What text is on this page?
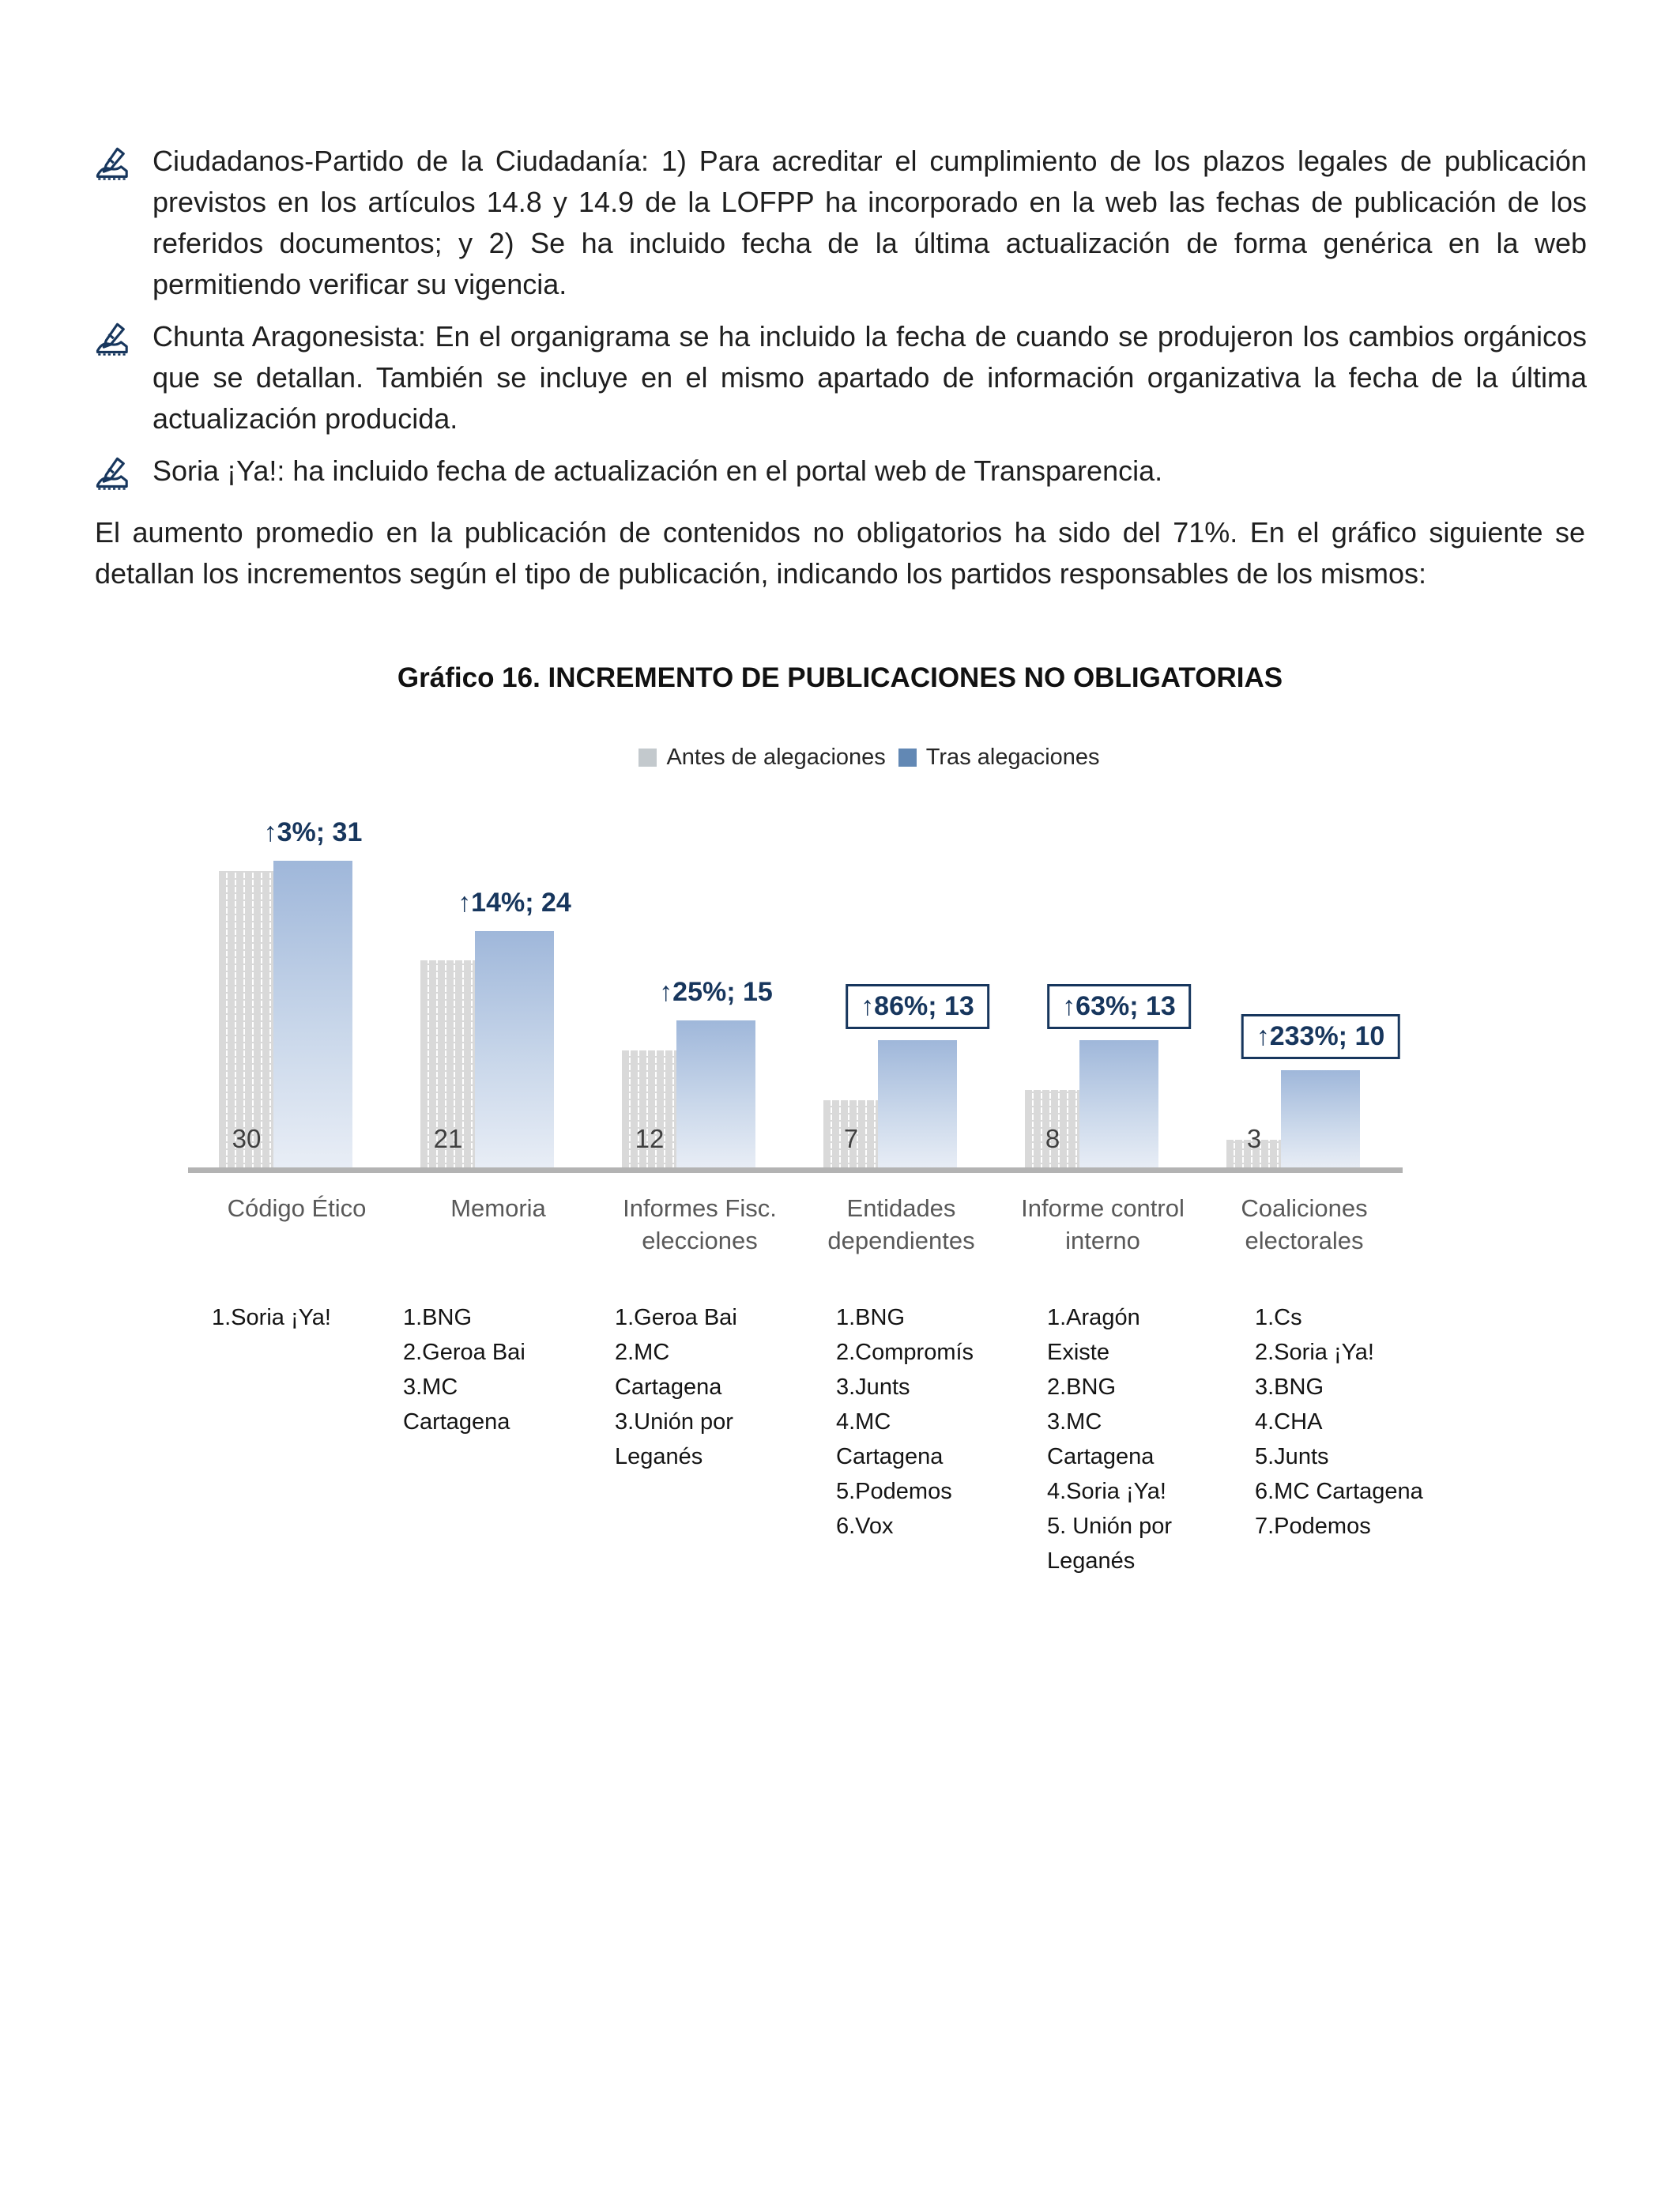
Ciudadanos-Partido de la Ciudadanía: 1) Para acreditar el cumplimiento de los plazos legales de publicación previstos en los artículos 14.8 y 14.9 de la LOFPP ha incorporado en la web las fechas de publicación de los referidos documentos; y 2) Se ha incluido fecha de la última actualización de forma genérica en la web permitiendo verificar su vigencia.
Chunta Aragonesista: En el organigrama se ha incluido la fecha de cuando se produjeron los cambios orgánicos que se detallan. También se incluye en el mismo apartado de información organizativa la fecha de la última actualización producida.
Soria ¡Ya!: ha incluido fecha de actualización en el portal web de Transparencia.
El aumento promedio en la publicación de contenidos no obligatorios ha sido del 71%. En el gráfico siguiente se detallan los incrementos según el tipo de publicación, indicando los partidos responsables de los mismos:
Gráfico 16. INCREMENTO DE PUBLICACIONES NO OBLIGATORIAS
Antes de alegaciones Tras alegaciones
↑3%; 31
30
Código Ético
↑14%; 24
21
Memoria
↑25%; 15
12
Informes Fisc. elecciones
↑86%; 13
7
Entidades dependientes
↑63%; 13
8
Informe control interno
↑233%; 10
3
Coaliciones electorales
1.Soria ¡Ya!	1.BNG
2.Geroa Bai
3.MC
Cartagena
1.Geroa Bai
2.MC
Cartagena
3.Unión por
Leganés
1.BNG
2.Compromís
3.Junts
4.MC
Cartagena
5.Podemos
6.Vox
1.Aragón
Existe
2.BNG
3.MC
Cartagena
4.Soria ¡Ya!
5. Unión por
Leganés
1.Cs
2.Soria ¡Ya!
3.BNG
4.CHA
5.Junts
6.MC Cartagena
7.Podemos
